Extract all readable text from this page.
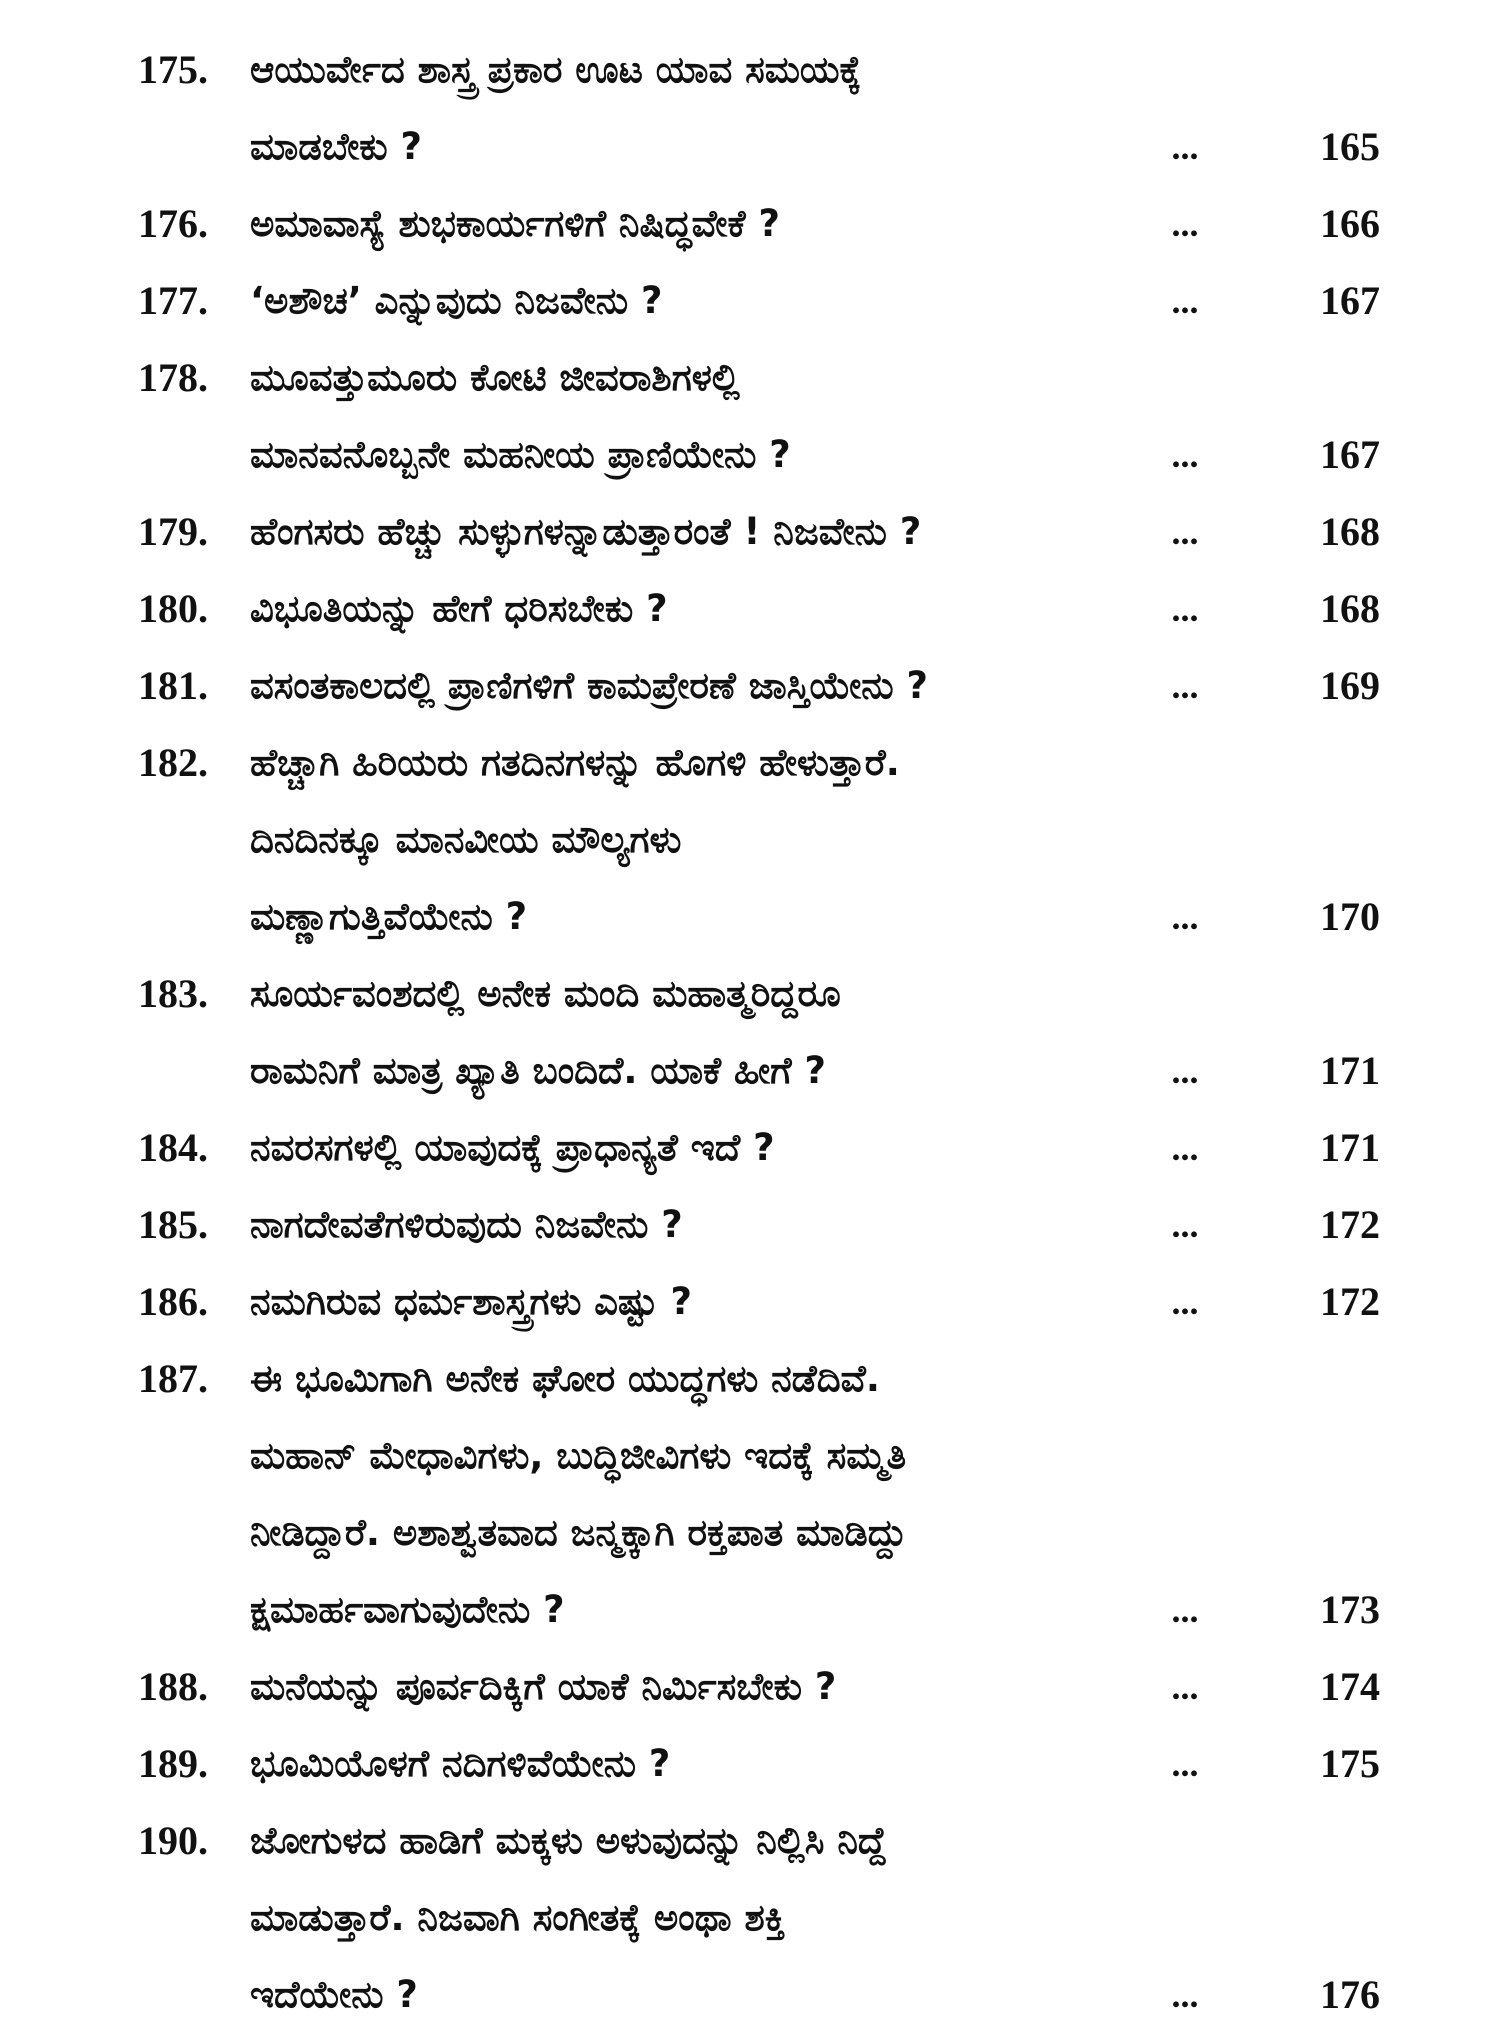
175.	ಆಯುರ್ವೇದ ಶಾಸ್ತ್ರ ಪ್ರಕಾರ ಊಟ ಯಾವ ಸಮಯಕ್ಕೆ
ಮಾಡಬೇಕು ?	...	165
176.	ಅಮಾವಾಸ್ಯೆ ಶುಭಕಾರ್ಯಗಳಿಗೆ ನಿಷಿದ್ಧವೇಕೆ ?	...	166
177.	‘ಅಶೌಚ’ ಎನ್ನುವುದು ನಿಜವೇನು ?	...	167
178.	ಮೂವತ್ತುಮೂರು ಕೋಟಿ ಜೀವರಾಶಿಗಳಲ್ಲಿ
ಮಾನವನೊಬ್ಬನೇ ಮಹನೀಯ ಪ್ರಾಣಿಯೇನು ?	...	167
179.	ಹೆಂಗಸರು ಹೆಚ್ಚು ಸುಳ್ಳುಗಳನ್ನಾಡುತ್ತಾರಂತೆ ! ನಿಜವೇನು ?	...	168
180.	ವಿಭೂತಿಯನ್ನು ಹೇಗೆ ಧರಿಸಬೇಕು ?	...	168
181.	ವಸಂತಕಾಲದಲ್ಲಿ ಪ್ರಾಣಿಗಳಿಗೆ ಕಾಮಪ್ರೇರಣೆ ಜಾಸ್ತಿಯೇನು ?	...	169
182.	ಹೆಚ್ಚಾಗಿ ಹಿರಿಯರು ಗತದಿನಗಳನ್ನು ಹೊಗಳಿ ಹೇಳುತ್ತಾರೆ.
ದಿನದಿನಕ್ಕೂ ಮಾನವೀಯ ಮೌಲ್ಯಗಳು
ಮಣ್ಣಾಗುತ್ತಿವೆಯೇನು ?	...	170
183.	ಸೂರ್ಯವಂಶದಲ್ಲಿ ಅನೇಕ ಮಂದಿ ಮಹಾತ್ಮರಿದ್ದರೂ
ರಾಮನಿಗೆ ಮಾತ್ರ ಖ್ಯಾತಿ ಬಂದಿದೆ. ಯಾಕೆ ಹೀಗೆ ?	...	171
184.	ನವರಸಗಳಲ್ಲಿ ಯಾವುದಕ್ಕೆ ಪ್ರಾಧಾನ್ಯತೆ ಇದೆ ?	...	171
185.	ನಾಗದೇವತೆಗಳಿರುವುದು ನಿಜವೇನು ?	...	172
186.	ನಮಗಿರುವ ಧರ್ಮಶಾಸ್ತ್ರಗಳು ಎಷ್ಟು ?	...	172
187.	ಈ ಭೂಮಿಗಾಗಿ ಅನೇಕ ಘೋರ ಯುದ್ಧಗಳು ನಡೆದಿವೆ.
ಮಹಾನ್ ಮೇಧಾವಿಗಳು, ಬುದ್ಧಿಜೀವಿಗಳು ಇದಕ್ಕೆ ಸಮ್ಮತಿ
ನೀಡಿದ್ದಾರೆ. ಅಶಾಶ್ವತವಾದ ಜನ್ಮಕ್ಕಾಗಿ ರಕ್ತಪಾತ ಮಾಡಿದ್ದು
ಕ್ಷಮಾರ್ಹವಾಗುವುದೇನು ?	...	173
188.	ಮನೆಯನ್ನು ಪೂರ್ವದಿಕ್ಕಿಗೆ ಯಾಕೆ ನಿರ್ಮಿಸಬೇಕು ?	...	174
189.	ಭೂಮಿಯೊಳಗೆ ನದಿಗಳಿವೆಯೇನು ?	...	175
190.	ಜೋಗುಳದ ಹಾಡಿಗೆ ಮಕ್ಕಳು ಅಳುವುದನ್ನು ನಿಲ್ಲಿಸಿ ನಿದ್ದೆ
ಮಾಡುತ್ತಾರೆ. ನಿಜವಾಗಿ ಸಂಗೀತಕ್ಕೆ ಅಂಥಾ ಶಕ್ತಿ
ಇದೆಯೇನು ?	...	176
